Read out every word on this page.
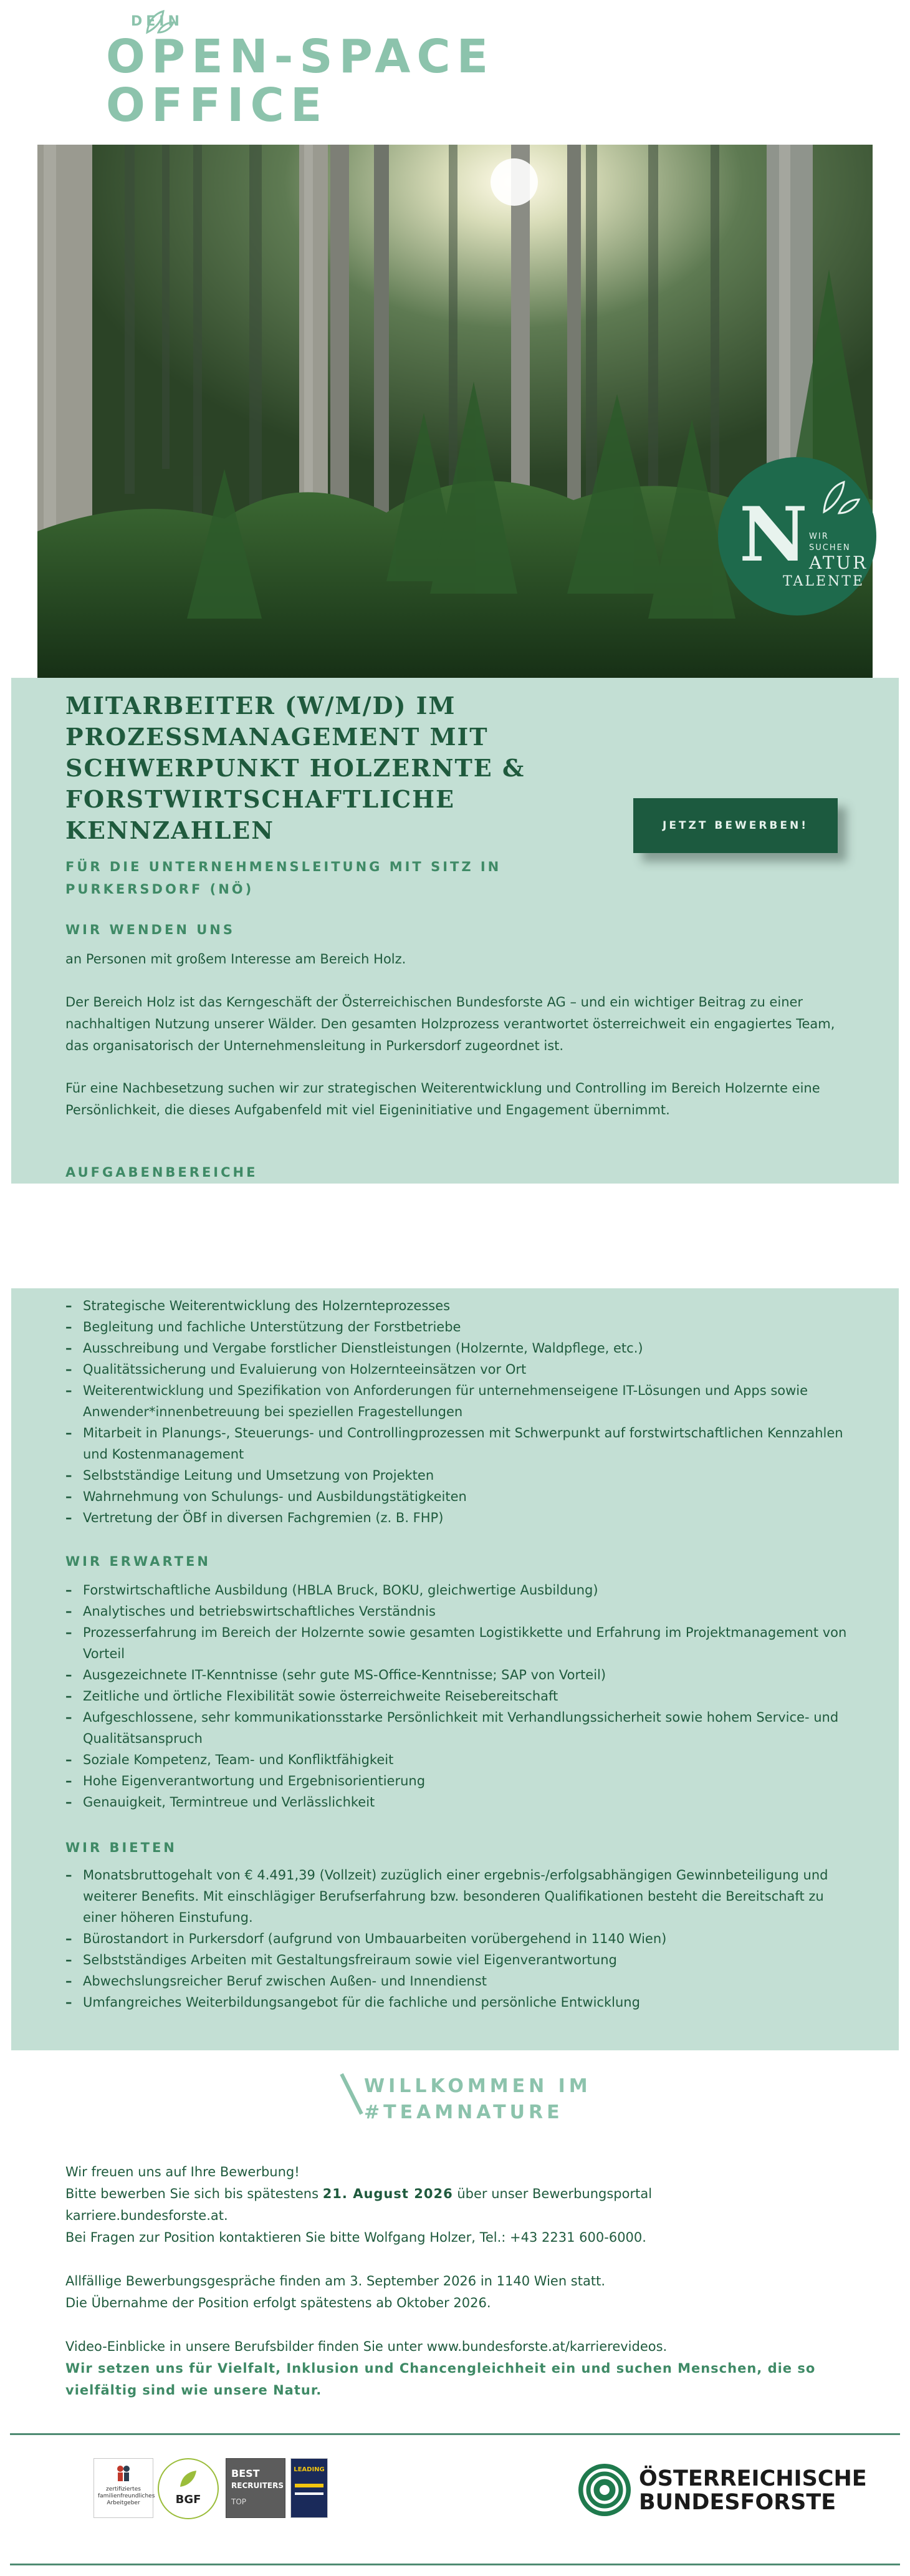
DEIN
OPEN-SPACE
OFFICE
N WIR
SUCHEN
ATUR
TALENTE
MITARBEITER (W/M/D) IM
PROZESSMANAGEMENT MIT
SCHWERPUNKT HOLZERNTE &
FORSTWIRTSCHAFTLICHE
KENNZAHLEN	JETZT BEWERBEN!
FÜR DIE UNTERNEHMENSLEITUNG MIT SITZ IN
PURKERSDORF (NÖ)
WIR WENDEN UNS
an Personen mit großem Interesse am Bereich Holz.
Der Bereich Holz ist das Kerngeschäft der Österreichischen Bundesforste AG – und ein wichtiger Beitrag zu einer nachhaltigen Nutzung unserer Wälder. Den gesamten Holzprozess verantwortet österreichweit ein engagiertes Team, das organisatorisch der Unternehmensleitung in Purkersdorf zugeordnet ist.
Für eine Nachbesetzung suchen wir zur strategischen Weiterentwicklung und Controlling im Bereich Holzernte eine Persönlichkeit, die dieses Aufgabenfeld mit viel Eigeninitiative und Engagement übernimmt.
AUFGABENBEREICHE
– Strategische Weiterentwicklung des Holzernteprozesses
– Begleitung und fachliche Unterstützung der Forstbetriebe
– Ausschreibung und Vergabe forstlicher Dienstleistungen (Holzernte, Waldpflege, etc.)
– Qualitätssicherung und Evaluierung von Holzernteeinsätzen vor Ort
– Weiterentwicklung und Spezifikation von Anforderungen für unternehmenseigene IT-Lösungen und Apps sowie Anwender*innenbetreuung bei speziellen Fragestellungen
– Mitarbeit in Planungs-, Steuerungs- und Controllingprozessen mit Schwerpunkt auf forstwirtschaftlichen Kennzahlen und Kostenmanagement
– Selbstständige Leitung und Umsetzung von Projekten
– Wahrnehmung von Schulungs- und Ausbildungstätigkeiten
– Vertretung der ÖBf in diversen Fachgremien (z. B. FHP)
WIR ERWARTEN
– Forstwirtschaftliche Ausbildung (HBLA Bruck, BOKU, gleichwertige Ausbildung)
– Analytisches und betriebswirtschaftliches Verständnis
– Prozesserfahrung im Bereich der Holzernte sowie gesamten Logistikkette und Erfahrung im Projektmanagement von Vorteil
– Ausgezeichnete IT-Kenntnisse (sehr gute MS-Office-Kenntnisse; SAP von Vorteil)
– Zeitliche und örtliche Flexibilität sowie österreichweite Reisebereitschaft
– Aufgeschlossene, sehr kommunikationsstarke Persönlichkeit mit Verhandlungssicherheit sowie hohem Service- und Qualitätsanspruch
– Soziale Kompetenz, Team- und Konfliktfähigkeit
– Hohe Eigenverantwortung und Ergebnisorientierung
– Genauigkeit, Termintreue und Verlässlichkeit
WIR BIETEN
– Monatsbruttogehalt von € 4.491,39 (Vollzeit) zuzüglich einer ergebnis-/erfolgsabhängigen Gewinnbeteiligung und weiterer Benefits. Mit einschlägiger Berufserfahrung bzw. besonderen Qualifikationen besteht die Bereitschaft zu einer höheren Einstufung.
– Bürostandort in Purkersdorf (aufgrund von Umbauarbeiten vorübergehend in 1140 Wien)
– Selbstständiges Arbeiten mit Gestaltungsfreiraum sowie viel Eigenverantwortung
– Abwechslungsreicher Beruf zwischen Außen- und Innendienst
– Umfangreiches Weiterbildungsangebot für die fachliche und persönliche Entwicklung
WILLKOMMEN IM
#TEAMNATURE
Wir freuen uns auf Ihre Bewerbung!
Bitte bewerben Sie sich bis spätestens 21. August 2026 über unser Bewerbungsportal
karriere.bundesforste.at.
Bei Fragen zur Position kontaktieren Sie bitte Wolfgang Holzer, Tel.: +43 2231 600-6000.
Allfällige Bewerbungsgespräche finden am 3. September 2026 in 1140 Wien statt.
Die Übernahme der Position erfolgt spätestens ab Oktober 2026.
Video-Einblicke in unsere Berufsbilder finden Sie unter www.bundesforste.at/karrierevideos.
Wir setzen uns für Vielfalt, Inklusion und Chancengleichheit ein und suchen Menschen, die so vielfältig sind wie unsere Natur.
zertifiziertes familienfreundliches Arbeitgeber	BGF
BEST
RECRUITERS
TOP
LEADING	ÖSTERREICHISCHE
BUNDESFORSTE
